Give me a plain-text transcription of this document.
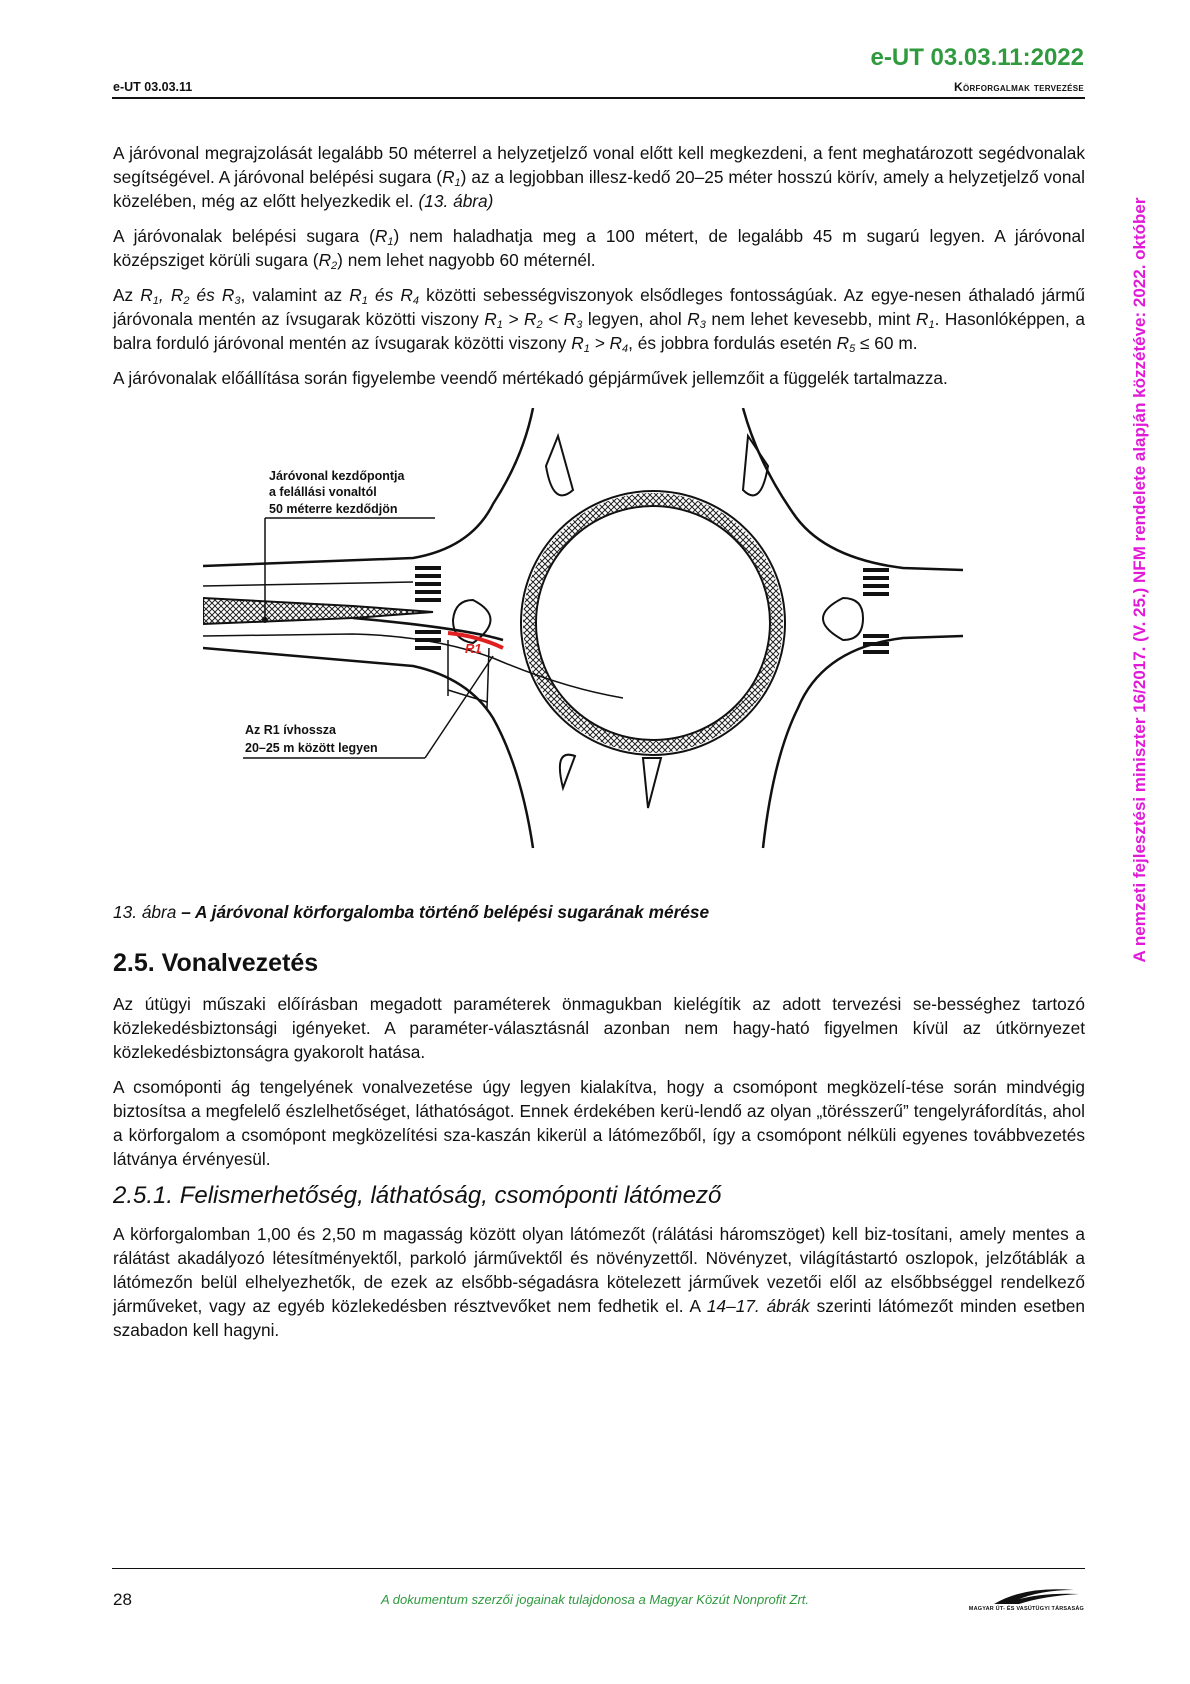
e-UT 03.03.11:2022
e-UT 03.03.11	Körforgalmak tervezése
A nemzeti fejlesztési miniszter 16/2017. (V. 25.) NFM rendelete alapján közzétéve: 2022. október

A járóvonal megrajzolását legalább 50 méterrel a helyzetjelző vonal előtt kell megkezdeni, a fent meghatározott segédvonalak segítségével. A járóvonal belépési sugara $(R_1)$ az a legjobban illesz-kedő 20–25 méter hosszú körív, amely a helyzetjelző vonal közelében, még az előtt helyezkedik el. (13. ábra)

A járóvonalak belépési sugara $(R_1)$ nem haladhatja meg a 100 métert, de legalább 45 m sugarú legyen. A járóvonal középsziget körüli sugara $(R_2)$ nem lehet nagyobb 60 méternél.

Az $R_1$, $R_2$ és $R_3$, valamint az $R_1$ és $R_4$ közötti sebességviszonyok elsődleges fontosságúak. Az egye-nesen áthaladó jármű járóvonala mentén az ívsugarak közötti viszony $R_1 > R_2 < R_3$ legyen, ahol $R_3$ nem lehet kevesebb, mint $R_1$. Hasonlóképpen, a balra forduló járóvonal mentén az ívsugarak közötti viszony $R_1 > R_4$, és jobbra fordulás esetén $R_5 \le 60$ m.

A járóvonalak előállítása során figyelembe veendő mértékadó gépjárművek jellemzőit a függelék tartalmazza.

R1
Járóvonal kezdőpontja
a felállási vonaltól
50 méterre kezdődjön
Az R1 ívhossza
20–25 m között legyen
13. ábra – A járóvonal körforgalomba történő belépési sugarának mérése
2.5. Vonalvezetés

Az útügyi műszaki előírásban megadott paraméterek önmagukban kielégítik az adott tervezési se-bességhez tartozó közlekedésbiztonsági igényeket. A paraméter-választásnál azonban nem hagy-ható figyelmen kívül az útkörnyezet közlekedésbiztonságra gyakorolt hatása.

A csomóponti ág tengelyének vonalvezetése úgy legyen kialakítva, hogy a csomópont megközelí-tése során mindvégig biztosítsa a megfelelő észlelhetőséget, láthatóságot. Ennek érdekében kerü-lendő az olyan „törésszerű” tengelyráfordítás, ahol a körforgalom a csomópont megközelítési sza-kaszán kikerül a látómezőből, így a csomópont nélküli egyenes továbbvezetés látványa érvényesül.

2.5.1. Felismerhetőség, láthatóság, csomóponti látómező

A körforgalomban 1,00 és 2,50 m magasság között olyan látómezőt (rálátási háromszöget) kell biz-tosítani, amely mentes a rálátást akadályozó létesítményektől, parkoló járművektől és növényzettől. Növényzet, világítástartó oszlopok, jelzőtáblák a látómezőn belül elhelyezhetők, de ezek az elsőbb-ségadásra kötelezett járművek vezetői elől az elsőbbséggel rendelkező járműveket, vagy az egyéb közlekedésben résztvevőket nem fedhetik el. A 14–17. ábrák szerinti látómezőt minden esetben szabadon kell hagyni.

28	A dokumentum szerzői jogainak tulajdonosa a Magyar Közút Nonprofit Zrt.
MAGYAR ÚT- ÉS VASÚTÜGYI TÁRSASÁG
